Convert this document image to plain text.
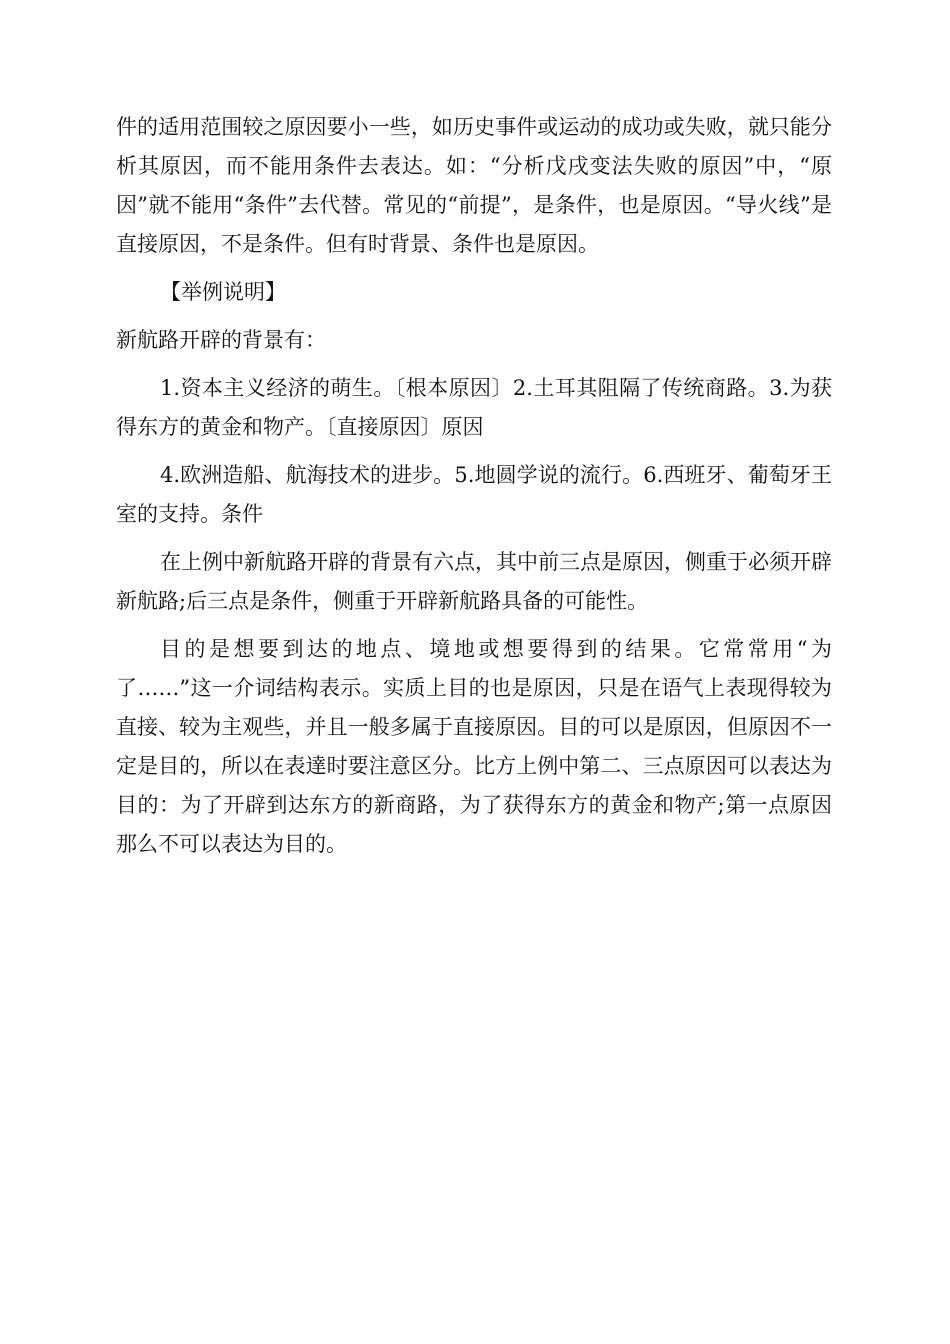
件的适用范围较之原因要小一些，如历史事件或运动的成功或失败，就只能分析其原因，而不能用条件去表达。如：“分析戊戌变法失败的原因”中，“原因”就不能用“条件”去代替。常见的“前提”，是条件，也是原因。“导火线”是直接原因，不是条件。但有时背景、条件也是原因。

【举例说明】

新航路开辟的背景有：

1.资本主义经济的萌生。〔根本原因〕2.土耳其阻隔了传统商路。3.为获得东方的黄金和物产。〔直接原因〕原因

4.欧洲造船、航海技术的进步。5.地圆学说的流行。6.西班牙、葡萄牙王室的支持。条件

在上例中新航路开辟的背景有六点，其中前三点是原因，侧重于必须开辟新航路;后三点是条件，侧重于开辟新航路具备的可能性。

目的是想要到达的地点、境地或想要得到的结果。它常常用“为了……”这一介词结构表示。实质上目的也是原因，只是在语气上表现得较为直接、较为主观些，并且一般多属于直接原因。目的可以是原因，但原因不一定是目的，所以在表達时要注意区分。比方上例中第二、三点原因可以表达为目的：为了开辟到达东方的新商路，为了获得东方的黄金和物产;第一点原因那么不可以表达为目的。
